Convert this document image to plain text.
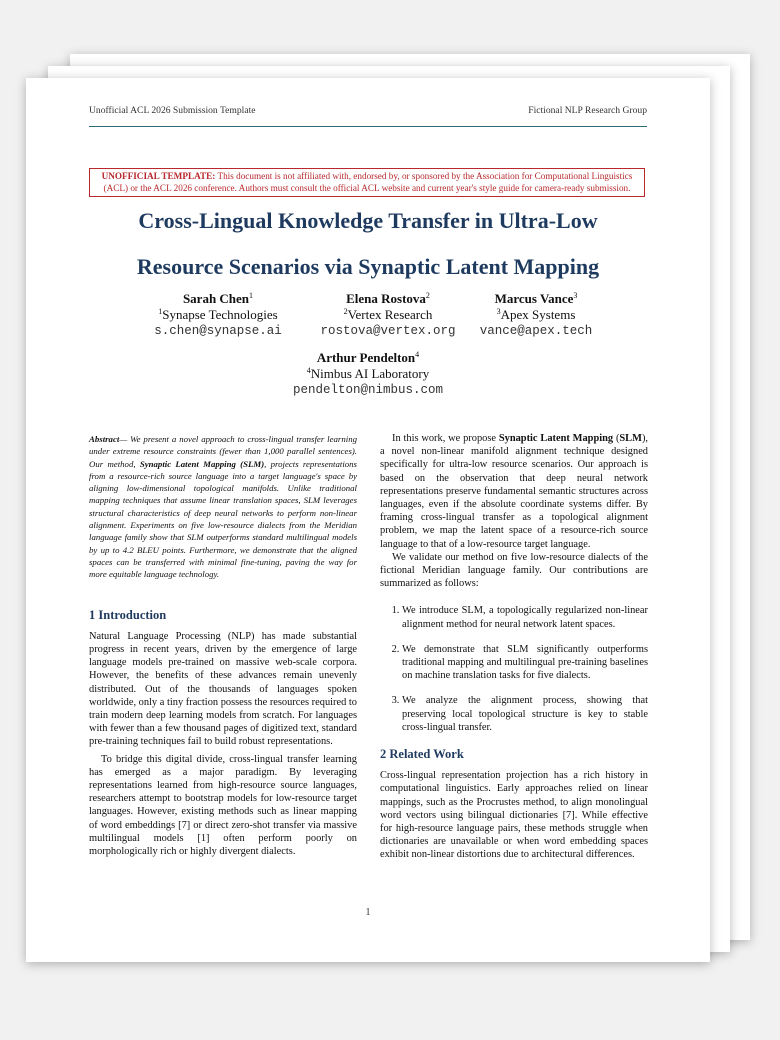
Unofficial ACL 2026 Submission Template	Fictional NLP Research Group
Cross-Lingual Knowledge Transfer in Ultra-Low
Resource Scenarios via Synaptic Latent Mapping
UNOFFICIAL TEMPLATE: This document is not affiliated with, endorsed by, or sponsored by the Association for Computational Linguistics (ACL) or the ACL 2026 conference. Authors must consult the official ACL website and current year's style guide for camera-ready submission.
Sarah Chen$^1$
$^1$Synapse Technologies
s.chen@synapse.ai
Elena Rostova$^2$
$^2$Vertex Research
rostova@vertex.org
Marcus Vance$^3$
$^3$Apex Systems
vance@apex.tech
Arthur Pendelton$^4$
$^4$Nimbus AI Laboratory
pendelton@nimbus.com

Abstract— We present a novel approach to cross-lingual transfer learning under extreme resource constraints (fewer than 1,000 parallel sentences). Our method, Synaptic Latent Mapping (SLM), projects representations from a resource-rich source language into a target language's space by aligning low-dimensional topological manifolds. Unlike traditional mapping techniques that assume linear translation spaces, SLM leverages structural characteristics of deep neural networks to perform non-linear alignment. Experiments on five low-resource dialects from the Meridian language family show that SLM outperforms standard multilingual models by up to 4.2 BLEU points. Furthermore, we demonstrate that the aligned spaces can be transferred with minimal fine-tuning, paving the way for more equitable language technology.

1 Introduction

Natural Language Processing (NLP) has made substantial progress in recent years, driven by the emergence of large language models pre-trained on massive web-scale corpora. However, the benefits of these advances remain unevenly distributed. Out of the thousands of languages spoken worldwide, only a tiny fraction possess the resources required to train modern deep learning models from scratch. For languages with fewer than a few thousand pages of digitized text, standard pre-training techniques fail to build robust representations.

To bridge this digital divide, cross-lingual transfer learning has emerged as a major paradigm. By leveraging representations learned from high-resource source languages, researchers attempt to bootstrap models for low-resource target languages. However, existing methods such as linear mapping of word embeddings [7] or direct zero-shot transfer via massive multilingual models [1] often perform poorly on morphologically rich or highly divergent dialects.

In this work, we propose Synaptic Latent Mapping (SLM), a novel non-linear manifold alignment technique designed specifically for ultra-low resource scenarios. Our approach is based on the observation that deep neural network representations preserve fundamental semantic structures across languages, even if the absolute coordinate systems differ. By framing cross-lingual transfer as a topological alignment problem, we map the latent space of a resource-rich source language to that of a low-resource target language.

We validate our method on five low-resource dialects of the fictional Meridian language family. Our contributions are summarized as follows:

1. We introduce SLM, a topologically regularized non-linear alignment method for neural network latent spaces.
2. We demonstrate that SLM significantly outperforms traditional mapping and multilingual pre-training baselines on machine translation tasks for five dialects.
3. We analyze the alignment process, showing that preserving local topological structure is key to stable cross-lingual transfer.
2 Related Work

Cross-lingual representation projection has a rich history in computational linguistics. Early approaches relied on linear mappings, such as the Procrustes method, to align monolingual word vectors using bilingual dictionaries [7]. While effective for high-resource language pairs, these methods struggle when dictionaries are unavailable or when word embedding spaces exhibit non-linear distortions due to architectural differences.

1
